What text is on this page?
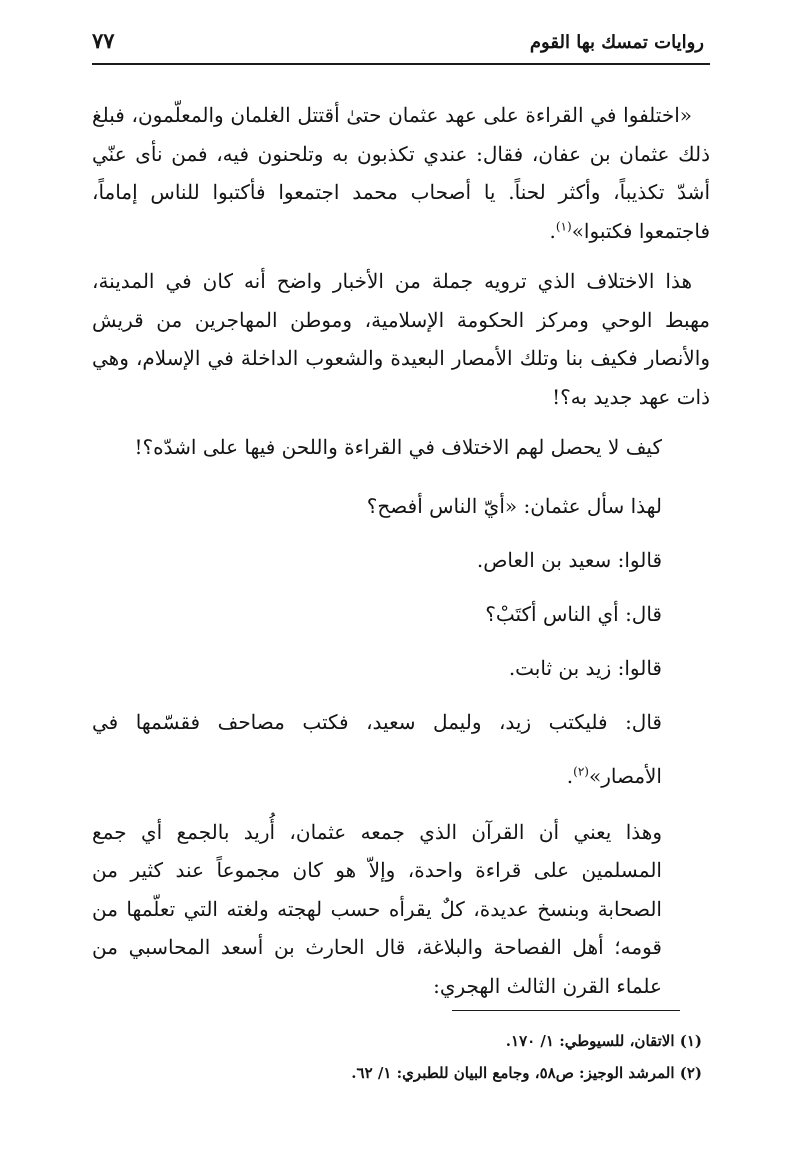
روايات تمسك بها القوم
٧٧

«اختلفوا في القراءة على عهد عثمان حتىٰ أقتتل الغلمان والمعلّمون، فبلغ ذلك عثمان بن عفان، فقال: عندي تكذبون به وتلحنون فيه، فمن نأى عنّي أشدّ تكذيباً، وأكثر لحناً. يا أصحاب محمد اجتمعوا فأكتبوا للناس إماماً، فاجتمعوا فكتبوا»$^{(١)}$.

هذا الاختلاف الذي ترويه جملة من الأخبار واضح أنه كان في المدينة، مهبط الوحي ومركز الحكومة الإسلامية، وموطن المهاجرين من قريش والأنصار فكيف بنا وتلك الأمصار البعيدة والشعوب الداخلة في الإسلام، وهي ذات عهد جديد به؟!

كيف لا يحصل لهم الاختلاف في القراءة واللحن فيها على اشدّه؟!

لهذا سأل عثمان: «أيّ الناس أفصح؟

قالوا: سعيد بن العاص.

قال: أي الناس أكتَبْ؟

قالوا: زيد بن ثابت.

قال: فليكتب زيد، وليمل سعيد، فكتب مصاحف فقسّمها في الأمصار»$^{(٢)}$.

وهذا يعني أن القرآن الذي جمعه عثمان، أُريد بالجمع أي جمع المسلمين على قراءة واحدة، وإلاّ هو كان مجموعاً عند كثير من الصحابة وبنسخ عديدة، كلٌ يقرأه حسب لهجته ولغته التي تعلّمها من قومه؛ أهل الفصاحة والبلاغة، قال الحارث بن أسعد المحاسبي من علماء القرن الثالث الهجري:

(١) الاتقان، للسيوطي: ١/ ١٧٠.
(٢) المرشد الوجيز: ص٥٨، وجامع البيان للطبري: ١/ ٦٢.
